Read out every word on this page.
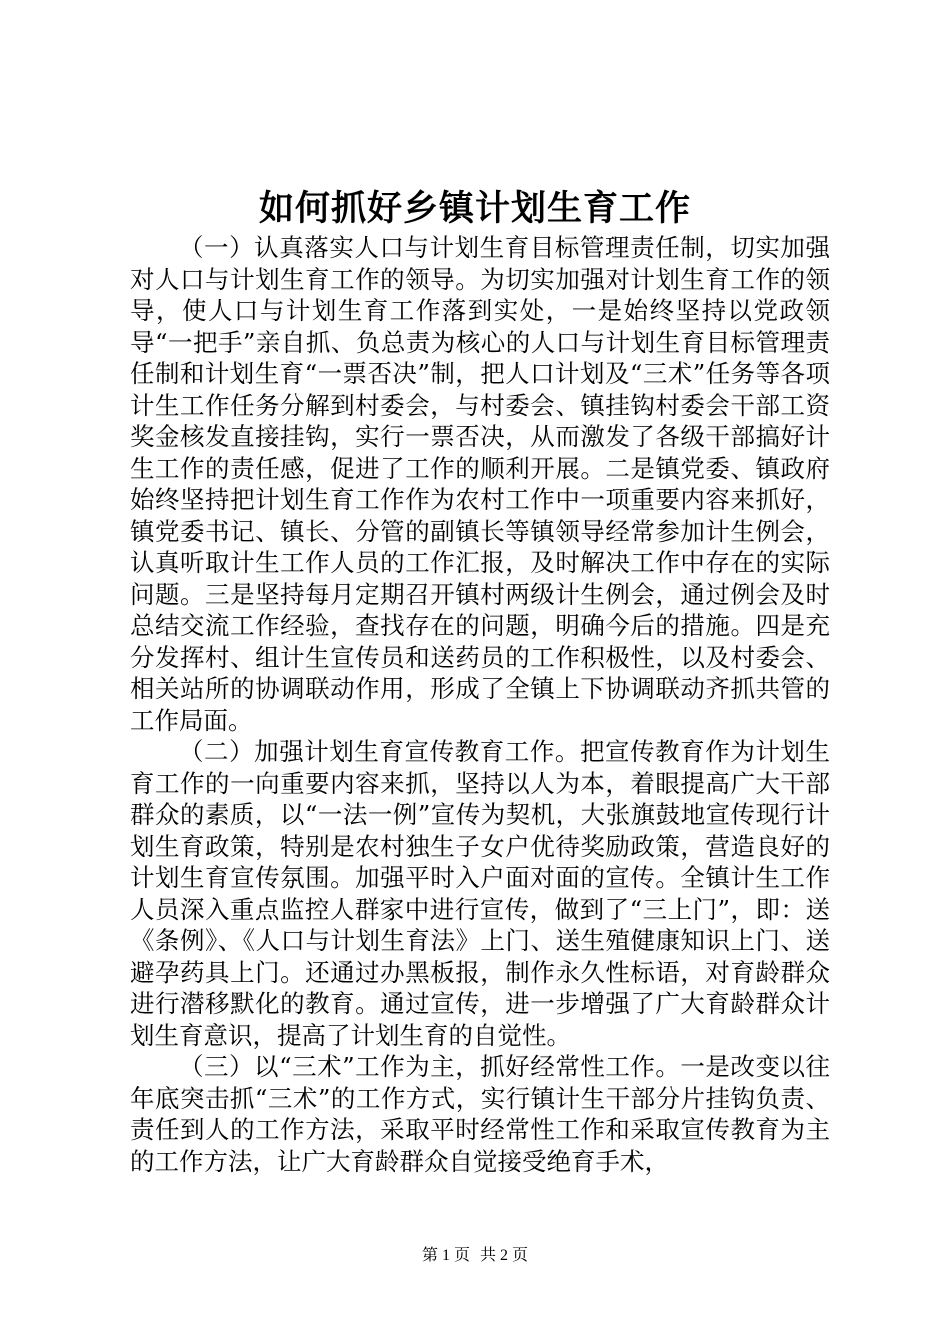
如何抓好乡镇计划生育工作

（一）认真落实人口与计划生育目标管理责任制，切实加强对人口与计划生育工作的领导。为切实加强对计划生育工作的领导，使人口与计划生育工作落到实处，一是始终坚持以党政领导“一把手”亲自抓、负总责为核心的人口与计划生育目标管理责任制和计划生育“一票否决”制，把人口计划及“三术”任务等各项计生工作任务分解到村委会，与村委会、镇挂钩村委会干部工资奖金核发直接挂钩，实行一票否决，从而激发了各级干部搞好计生工作的责任感，促进了工作的顺利开展。二是镇党委、镇政府始终坚持把计划生育工作作为农村工作中一项重要内容来抓好，镇党委书记、镇长、分管的副镇长等镇领导经常参加计生例会，认真听取计生工作人员的工作汇报，及时解决工作中存在的实际问题。三是坚持每月定期召开镇村两级计生例会，通过例会及时总结交流工作经验，查找存在的问题，明确今后的措施。四是充分发挥村、组计生宣传员和送药员的工作积极性，以及村委会、相关站所的协调联动作用，形成了全镇上下协调联动齐抓共管的工作局面。

（二）加强计划生育宣传教育工作。把宣传教育作为计划生育工作的一向重要内容来抓，坚持以人为本，着眼提高广大干部群众的素质，以“一法一例”宣传为契机，大张旗鼓地宣传现行计划生育政策，特别是农村独生子女户优待奖励政策，营造良好的计划生育宣传氛围。加强平时入户面对面的宣传。全镇计生工作人员深入重点监控人群家中进行宣传，做到了“三上门”，即：送《条例》、《人口与计划生育法》上门、送生殖健康知识上门、送避孕药具上门。还通过办黑板报，制作永久性标语，对育龄群众进行潜移默化的教育。通过宣传，进一步增强了广大育龄群众计划生育意识，提高了计划生育的自觉性。

（三）以“三术”工作为主，抓好经常性工作。一是改变以往年底突击抓“三术”的工作方式，实行镇计生干部分片挂钩负责、责任到人的工作方法，采取平时经常性工作和采取宣传教育为主的工作方法，让广大育龄群众自觉接受绝育手术，

第 1 页 共 2 页
